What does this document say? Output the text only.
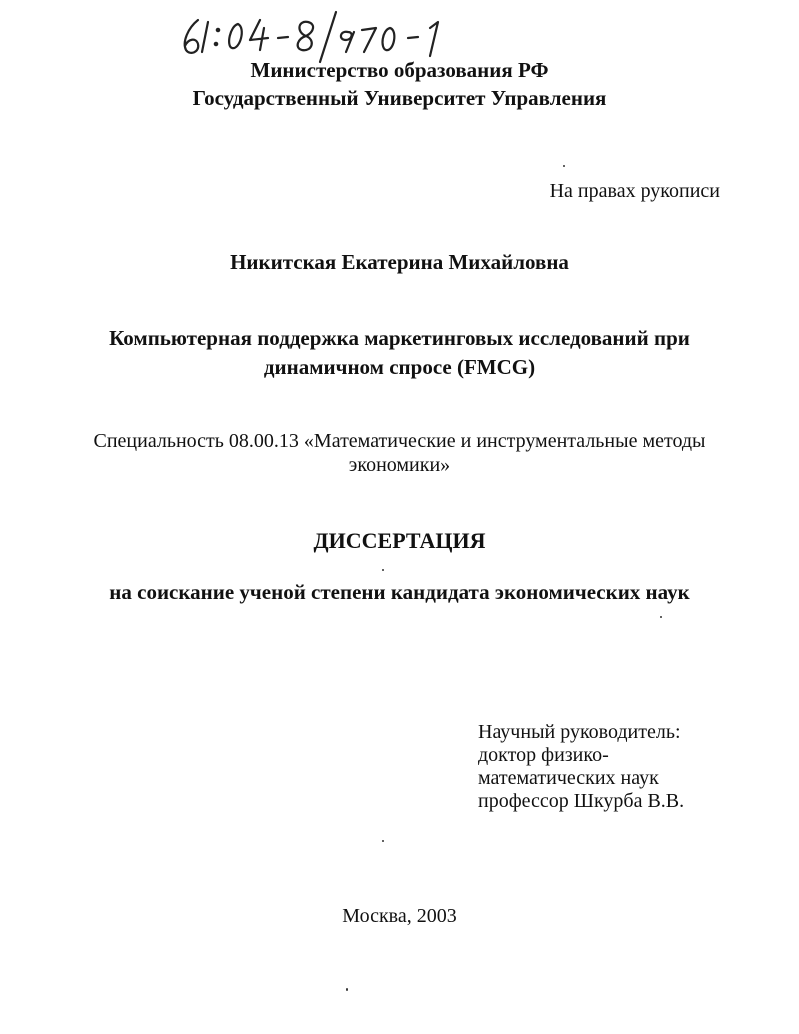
Министерство образования РФ
Государственный Университет Управления
На правах рукописи
Никитская Екатерина Михайловна
Компьютерная поддержка маркетинговых исследований при
динамичном спросе (FMCG)
Специальность 08.00.13 «Математические и инструментальные методы
экономики»
ДИССЕРТАЦИЯ
на соискание ученой степени кандидата экономических наук
Научный руководитель:
доктор физико-
математических наук
профессор Шкурба В.В.
Москва, 2003
